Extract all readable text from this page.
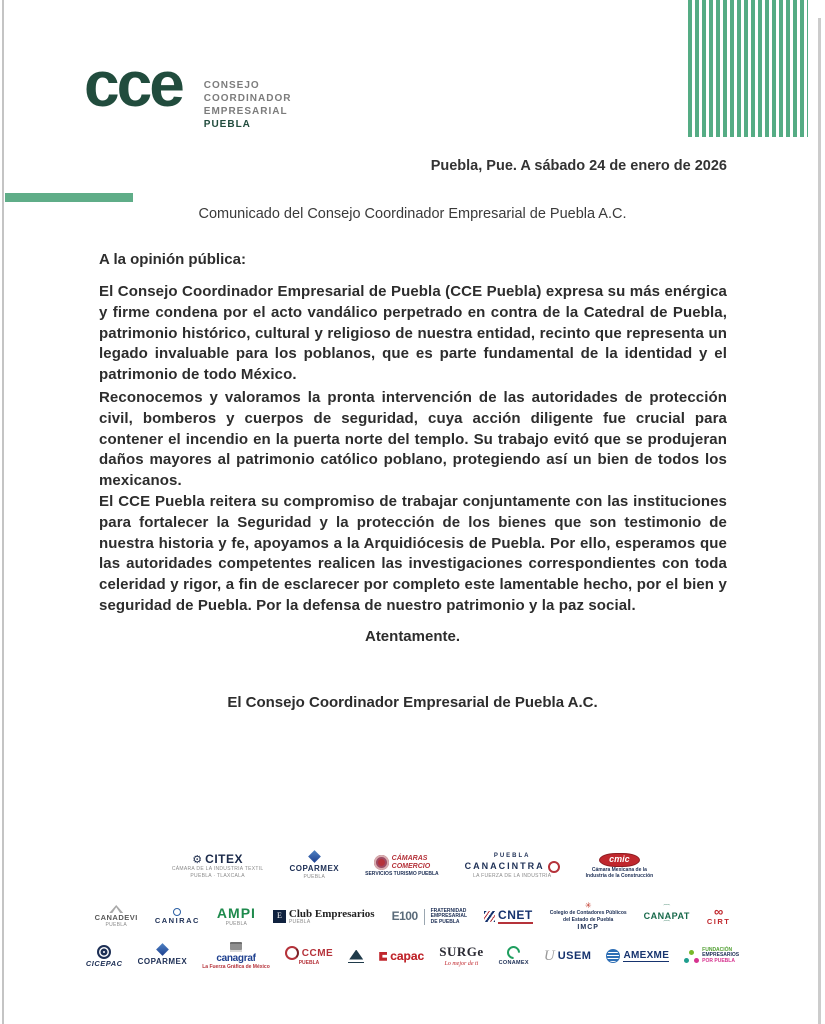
cce CONSEJO
COORDINADOR
EMPRESARIAL
PUEBLA

Puebla, Pue. A sábado 24 de enero de 2026

Comunicado del Consejo Coordinador Empresarial de Puebla A.C.

A la opinión pública:

El Consejo Coordinador Empresarial de Puebla (CCE Puebla) expresa su más enérgica y firme condena por el acto vandálico perpetrado en contra de la Catedral de Puebla, patrimonio histórico, cultural y religioso de nuestra entidad, recinto que representa un legado invaluable para los poblanos, que es parte fundamental de la identidad y el patrimonio de todo México.

Reconocemos y valoramos la pronta intervención de las autoridades de protección civil, bomberos y cuerpos de seguridad, cuya acción diligente fue crucial para contener el incendio en la puerta norte del templo. Su trabajo evitó que se produjeran daños mayores al patrimonio católico poblano, protegiendo así un bien de todos los mexicanos.

El CCE Puebla reitera su compromiso de trabajar conjuntamente con las instituciones para fortalecer la Seguridad y la protección de los bienes que son testimonio de nuestra historia y fe, apoyamos a la Arquidiócesis de Puebla. Por ello, esperamos que las autoridades competentes realicen las investigaciones correspondientes con toda celeridad y rigor, a fin de esclarecer por completo este lamentable hecho, por el bien y seguridad de Puebla. Por la defensa de nuestro patrimonio y la paz social.

Atentamente.

El Consejo Coordinador Empresarial de Puebla A.C.

⚙ CITEX
CÁMARA DE LA INDUSTRIA TEXTIL
PUEBLA · TLAXCALA
COPARMEX
PUEBLA
CÁMARAS
COMERCIO
SERVICIOS TURISMO PUEBLA
PUEBLA
CANACINTRA
LA FUERZA DE LA INDUSTRIA
cmic
Cámara Mexicana de la
Industria de la Construcción
CANADEVI
PUEBLA	CANIRAC AMPI
PUEBLA
E Club Empresarios
PUEBLA	E100	FRATERNIDAD
EMPRESARIAL
DE PUEBLA	CNET
✳
Colegio de Contadores Públicos
del Estado de Puebla
IMCP
⌒
CANAPAT
⌒
∞
CIRT
CICEPAC COPARMEX	canagraf
La Fuerza Gráfica de México
CCME
PUEBLA
capac SURGe
Lo mejor de ti	CONAMEX U USEM	AMEXME
FUNDACIÓN
EMPRESARIOS
POR PUEBLA
